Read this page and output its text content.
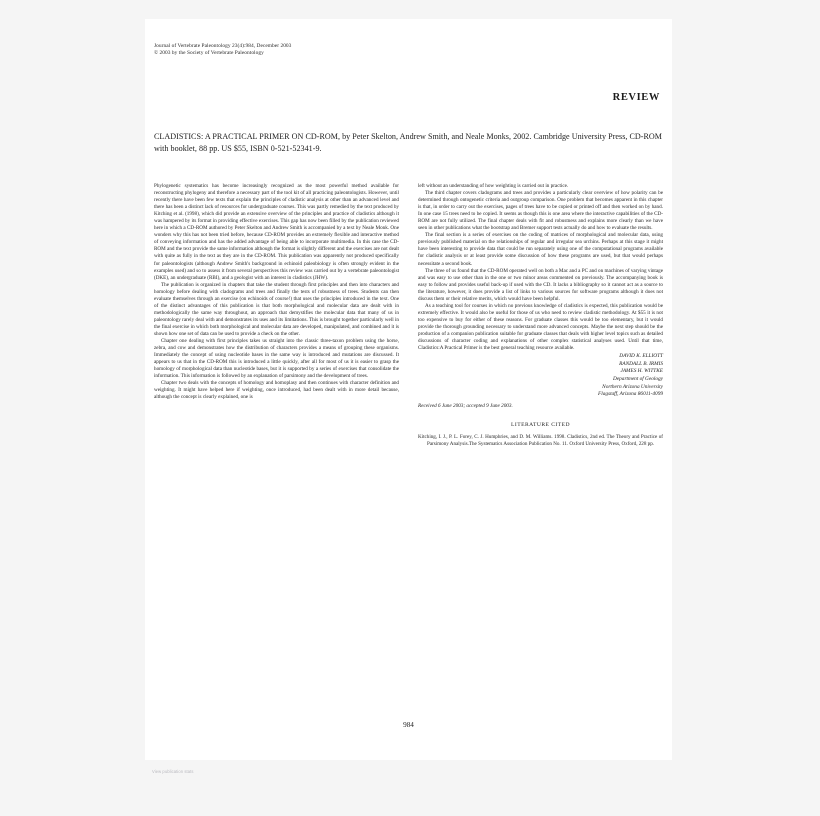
Journal of Vertebrate Paleontology 23(4):984, December 2003
© 2003 by the Society of Vertebrate Paleontology
REVIEW
CLADISTICS: A PRACTICAL PRIMER ON CD-ROM, by Peter Skelton, Andrew Smith, and Neale Monks, 2002. Cambridge University Press, CD-ROM with booklet, 88 pp. US $55, ISBN 0-521-52341-9.

Phylogenetic systematics has become increasingly recognized as the most powerful method available for reconstructing phylogeny and therefore a necessary part of the tool kit of all practicing paleontologists. However, until recently there have been few texts that explain the principles of cladistic analysis at other than an advanced level and there has been a distinct lack of resources for undergraduate courses. This was partly remedied by the text produced by Kitching et al. (1998), which did provide an extensive overview of the principles and practice of cladistics although it was hampered by its format in providing effective exercises. This gap has now been filled by the publication reviewed here in which a CD-ROM authored by Peter Skelton and Andrew Smith is accompanied by a text by Neale Monk. One wonders why this has not been tried before, because CD-ROM provides an extremely flexible and interactive method of conveying information and has the added advantage of being able to incorporate multimedia. In this case the CD-ROM and the text provide the same information although the format is slightly different and the exercises are not dealt with quite as fully in the text as they are in the CD-ROM. This publication was apparently not produced specifically for paleontologists (although Andrew Smith's background in echinoid paleobiology is often strongly evident in the examples used) and so to assess it from several perspectives this review was carried out by a vertebrate paleontologist (DKE), an undergraduate (RBI), and a geologist with an interest in cladistics (JHW).

The publication is organized in chapters that take the student through first principles and then into characters and homology before dealing with cladograms and trees and finally the tests of robustness of trees. Students can then evaluate themselves through an exercise (on echinoids of course!) that uses the principles introduced in the text. One of the distinct advantages of this publication is that both morphological and molecular data are dealt with in methodologically the same way throughout, an approach that demystifies the molecular data that many of us in paleontology rarely deal with and demonstrates its uses and its limitations. This is brought together particularly well in the final exercise in which both morphological and molecular data are developed, manipulated, and combined and it is shown how one set of data can be used to provide a check on the other.

Chapter one dealing with first principles takes us straight into the classic three-taxon problem using the horse, zebra, and cow and demonstrates how the distribution of characters provides a means of grouping these organisms. Immediately the concept of using nucleotide bases in the same way is introduced and mutations are discussed. It appears to us that in the CD-ROM this is introduced a little quickly, after all for most of us it is easier to grasp the homology of morphological data than nucleotide bases, but it is supported by a series of exercises that consolidate the information. This information is followed by an explanation of parsimony and the development of trees.

Chapter two deals with the concepts of homology and homoplasy and then continues with character definition and weighting. It might have helped here if weighting, once introduced, had been dealt with in more detail because, although the concept is clearly explained, one is

left without an understanding of how weighting is carried out in practice.

The third chapter covers cladograms and trees and provides a particularly clear overview of how polarity can be determined through ontogenetic criteria and outgroup comparison. One problem that becomes apparent in this chapter is that, in order to carry out the exercises, pages of trees have to be copied or printed off and then worked on by hand. In one case 15 trees need to be copied. It seems as though this is one area where the interactive capabilities of the CD-ROM are not fully utilized. The final chapter deals with fit and robustness and explains more clearly than we have seen in other publications what the bootstrap and Bremer support tests actually do and how to evaluate the results.

The final section is a series of exercises on the coding of matrices of morphological and molecular data, using previously published material on the relationships of regular and irregular sea urchins. Perhaps at this stage it might have been interesting to provide data that could be run separately using one of the computational programs available for cladistic analysis or at least provide some discussion of how these programs are used, but that would perhaps necessitate a second book.

The three of us found that the CD-ROM operated well on both a Mac and a PC and on machines of varying vintage and was easy to use other than in the one or two minor areas commented on previously. The accompanying book is easy to follow and provides useful back-up if used with the CD. It lacks a bibliography so it cannot act as a source to the literature, however, it does provide a list of links to various sources for software programs although it does not discuss them or their relative merits, which would have been helpful.

As a teaching tool for courses in which no previous knowledge of cladistics is expected, this publication would be extremely effective. It would also be useful for those of us who need to review cladistic methodology. At $55 it is not too expensive to buy for either of these reasons. For graduate classes this would be too elementary, but it would provide the thorough grounding necessary to understand more advanced concepts. Maybe the next step should be the production of a companion publication suitable for graduate classes that deals with higher level topics such as detailed discussions of character coding and explanations of other complex statistical analyses used. Until that time, Cladistics:A Practical Primer is the best general teaching resource available.

DAVID K. ELLIOTT
RANDALL B. IRMIS
JAMES H. WITTKE
Department of Geology
Northern Arizona University
Flagstaff, Arizona 86011-4099
Received 6 June 2003; accepted 9 June 2003.
LITERATURE CITED
Kitching, I. J., P. L. Forey, C. J. Humphries, and D. M. Williams. 1998. Cladistics, 2nd ed. The Theory and Practice of Parsimony Analysis.The Systematics Association Publication No. 11. Oxford University Press, Oxford, 228 pp.
984
View publication stats
